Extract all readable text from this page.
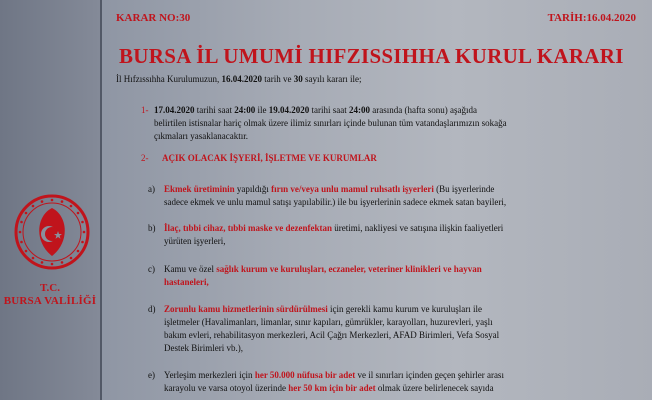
T.C.
BURSA VALİLİĞİ
KARAR NO:30	TARİH:16.04.2020
BURSA İL UMUMİ HIFZISSIHHA KURUL KARARI
İl Hıfzıssıhha Kurulumuzun, 16.04.2020 tarih ve 30 sayılı kararı ile;
1- 17.04.2020 tarihi saat 24:00 ile 19.04.2020 tarihi saat 24:00 arasında (hafta sonu) aşağıda
belirtilen istisnalar hariç olmak üzere ilimiz sınırları içinde bulunan tüm vatandaşlarımızın sokağa
çıkmaları yasaklanacaktır.
2- AÇIK OLACAK İŞYERİ, İŞLETME VE KURUMLAR
a) Ekmek üretiminin yapıldığı fırın ve/veya unlu mamul ruhsatlı işyerleri (Bu işyerlerinde
sadece ekmek ve unlu mamul satışı yapılabilir.) ile bu işyerlerinin sadece ekmek satan bayileri,
b) İlaç, tıbbi cihaz, tıbbi maske ve dezenfektan üretimi, nakliyesi ve satışına ilişkin faaliyetleri
yürüten işyerleri,
c) Kamu ve özel sağlık kurum ve kuruluşları, eczaneler, veteriner klinikleri ve hayvan
hastaneleri,
d) Zorunlu kamu hizmetlerinin sürdürülmesi için gerekli kamu kurum ve kuruluşları ile
işletmeler (Havalimanları, limanlar, sınır kapıları, gümrükler, karayolları, huzurevleri, yaşlı
bakım evleri, rehabilitasyon merkezleri, Acil Çağrı Merkezleri, AFAD Birimleri, Vefa Sosyal
Destek Birimleri vb.),
e) Yerleşim merkezleri için her 50.000 nüfusa bir adet ve il sınırları içinden geçen şehirler arası
karayolu ve varsa otoyol üzerinde her 50 km için bir adet olmak üzere belirlenecek sayıda
